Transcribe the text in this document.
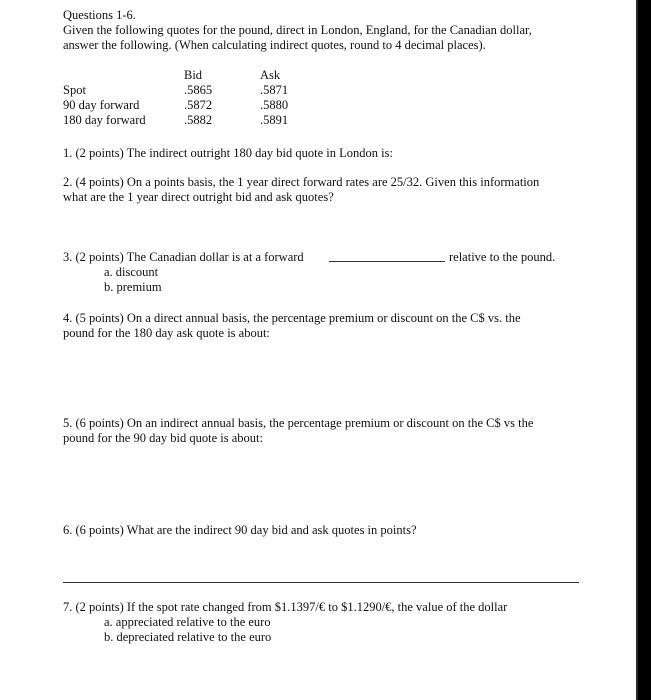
Questions 1-6.
Given the following quotes for the pound, direct in London, England, for the Canadian dollar,
answer the following. (When calculating indirect quotes, round to 4 decimal places).
Bid	Ask
Spot	.5865	.5871
90 day forward	.5872	.5880
180 day forward	.5882	.5891
1. (2 points) The indirect outright 180 day bid quote in London is:
2. (4 points) On a points basis, the 1 year direct forward rates are 25/32. Given this information
what are the 1 year direct outright bid and ask quotes?
3. (2 points) The Canadian dollar is at a forward	relative to the pound.
a. discount
b. premium
4. (5 points) On a direct annual basis, the percentage premium or discount on the C$ vs. the
pound for the 180 day ask quote is about:
5. (6 points) On an indirect annual basis, the percentage premium or discount on the C$ vs the
pound for the 90 day bid quote is about:
6. (6 points) What are the indirect 90 day bid and ask quotes in points?
7. (2 points) If the spot rate changed from $1.1397/€ to $1.1290/€, the value of the dollar
a. appreciated relative to the euro
b. depreciated relative to the euro
